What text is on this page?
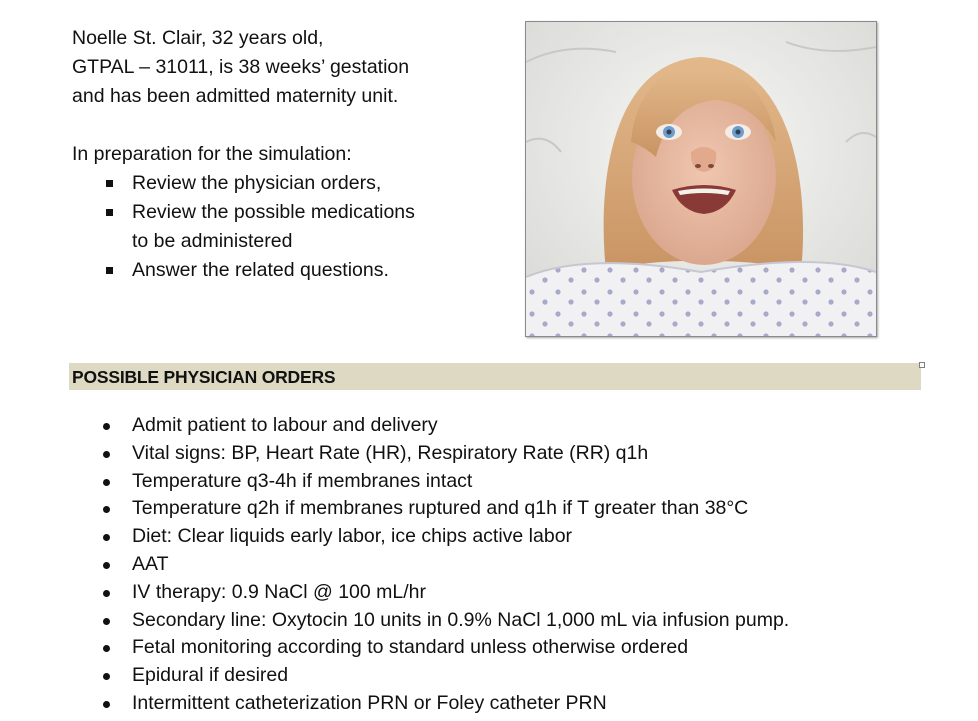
Noelle St. Clair, 32 years old,
GTPAL – 31011, is 38 weeks’ gestation
and has been admitted maternity unit.

In preparation for the simulation:

Review the physician orders,
Review the possible medications
to be administered
Answer the related questions.
POSSIBLE PHYSICIAN ORDERS
Admit patient to labour and delivery
Vital signs: BP, Heart Rate (HR), Respiratory Rate (RR) q1h
Temperature q3-4h if membranes intact
Temperature q2h if membranes ruptured and q1h if T greater than 38°C
Diet: Clear liquids early labor, ice chips active labor
AAT
IV therapy: 0.9 NaCl @ 100 mL/hr
Secondary line: Oxytocin 10 units in 0.9% NaCl 1,000 mL via infusion pump.
Fetal monitoring according to standard unless otherwise ordered
Epidural if desired
Intermittent catheterization PRN or Foley catheter PRN
